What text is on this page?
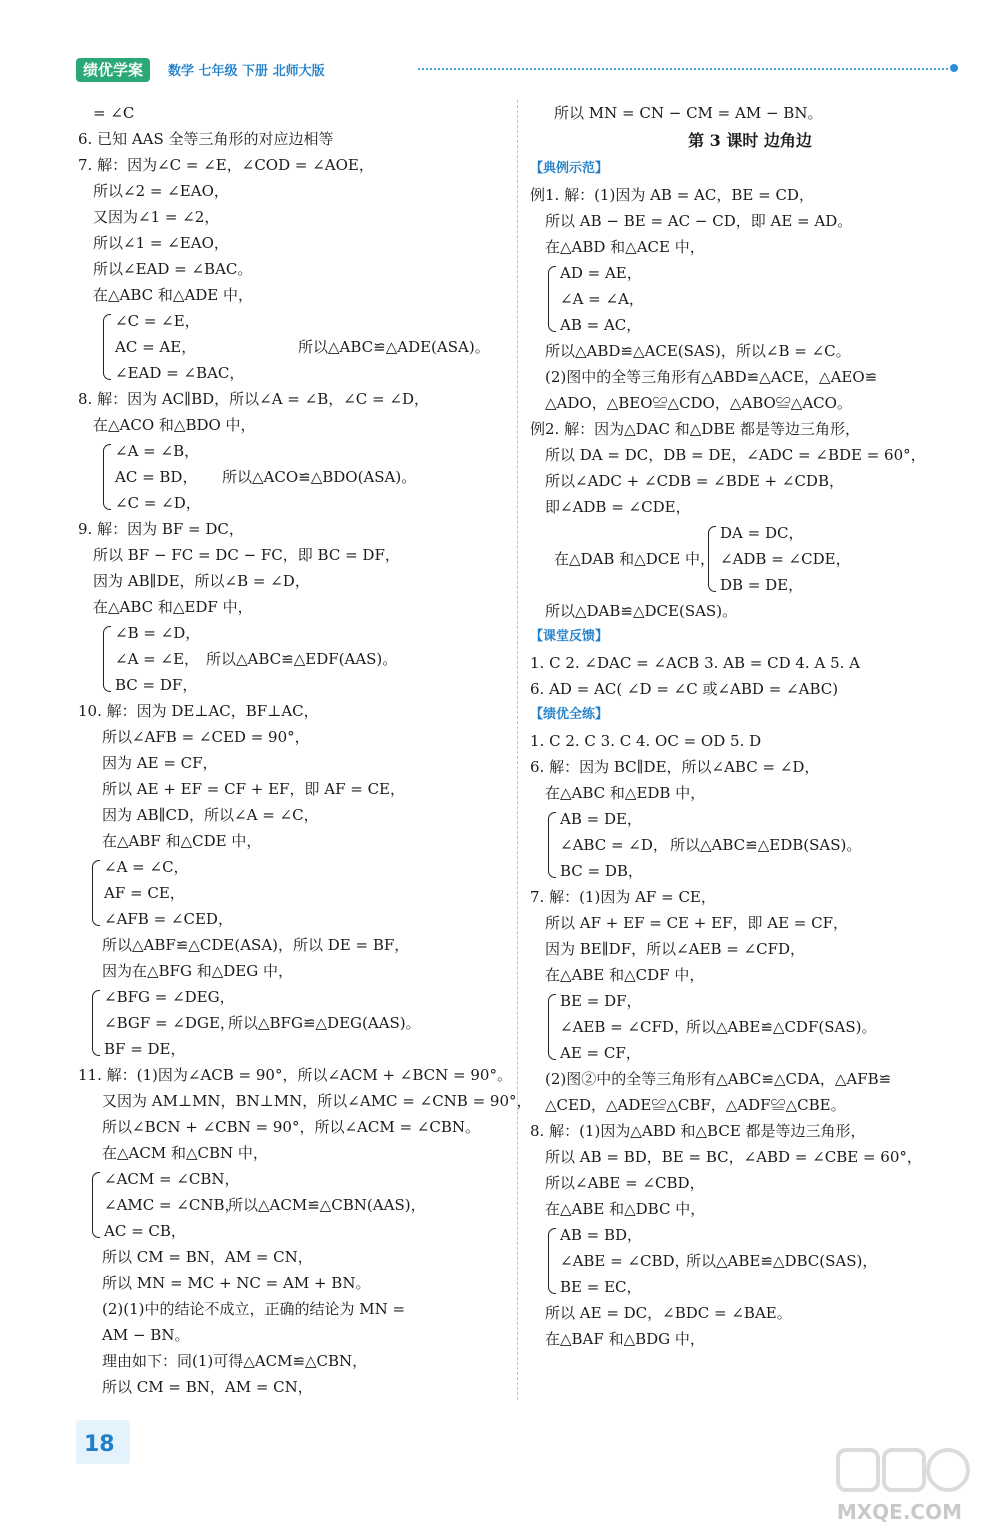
绩优学案	数学 七年级 下册 北师大版
= ∠C
6. 已知 AAS 全等三角形的对应边相等
7. 解：因为∠C = ∠E，∠COD = ∠AOE，
所以∠2 = ∠EAO，
又因为∠1 = ∠2，
所以∠1 = ∠EAO，
所以∠EAD = ∠BAC。
在△ABC 和△ADE 中，
∠C = ∠E，
AC = AE，
∠EAD = ∠BAC，
所以△ABC≌△ADE(ASA)。
8. 解：因为 AC∥BD，所以∠A = ∠B，∠C = ∠D，
在△ACO 和△BDO 中，
∠A = ∠B，
AC = BD，
∠C = ∠D，
所以△ACO≌△BDO(ASA)。
9. 解：因为 BF = DC，
所以 BF − FC = DC − FC，即 BC = DF，
因为 AB∥DE，所以∠B = ∠D，
在△ABC 和△EDF 中，
∠B = ∠D，
∠A = ∠E，
BC = DF，
所以△ABC≌△EDF(AAS)。
10. 解：因为 DE⊥AC，BF⊥AC，
所以∠AFB = ∠CED = 90°，
因为 AE = CF，
所以 AE + EF = CF + EF，即 AF = CE，
因为 AB∥CD，所以∠A = ∠C，
在△ABF 和△CDE 中，
∠A = ∠C，
AF = CE，
∠AFB = ∠CED，
所以△ABF≌△CDE(ASA)，所以 DE = BF，
因为在△BFG 和△DEG 中，
∠BFG = ∠DEG，
∠BGF = ∠DGE，
BF = DE，
所以△BFG≌△DEG(AAS)。
11. 解：(1)因为∠ACB = 90°，所以∠ACM + ∠BCN = 90°。
又因为 AM⊥MN，BN⊥MN，所以∠AMC = ∠CNB = 90°，
所以∠BCN + ∠CBN = 90°，所以∠ACM = ∠CBN。
在△ACM 和△CBN 中，
∠ACM = ∠CBN，
∠AMC = ∠CNB，
AC = CB，
所以△ACM≌△CBN(AAS)，
所以 CM = BN，AM = CN，
所以 MN = MC + NC = AM + BN。
(2)(1)中的结论不成立，正确的结论为 MN =
AM − BN。
理由如下：同(1)可得△ACM≌△CBN，
所以 CM = BN，AM = CN，
所以 MN = CN − CM = AM − BN。
第 3 课时 边角边
【典例示范】
例1. 解：(1)因为 AB = AC，BE = CD，
所以 AB − BE = AC − CD，即 AE = AD。
在△ABD 和△ACE 中，
AD = AE，
∠A = ∠A，
AB = AC，
所以△ABD≌△ACE(SAS)，所以∠B = ∠C。
(2)图中的全等三角形有△ABD≌△ACE，△AEO≌
△ADO，△BEO≌△CDO，△ABO≌△ACO。
例2. 解：因为△DAC 和△DBE 都是等边三角形，
所以 DA = DC，DB = DE，∠ADC = ∠BDE = 60°，
所以∠ADC + ∠CDB = ∠BDE + ∠CDB，
即∠ADB = ∠CDE，
在△DAB 和△DCE 中，
DA = DC，
∠ADB = ∠CDE，
DB = DE，
所以△DAB≌△DCE(SAS)。
【课堂反馈】
1. C 2. ∠DAC = ∠ACB 3. AB = CD 4. A 5. A
6. AD = AC( ∠D = ∠C 或∠ABD = ∠ABC)
【绩优全练】
1. C 2. C 3. C 4. OC = OD 5. D
6. 解：因为 BC∥DE，所以∠ABC = ∠D，
在△ABC 和△EDB 中，
AB = DE，
∠ABC = ∠D，
BC = DB，
所以△ABC≌△EDB(SAS)。
7. 解：(1)因为 AF = CE，
所以 AF + EF = CE + EF，即 AE = CF，
因为 BE∥DF，所以∠AEB = ∠CFD，
在△ABE 和△CDF 中，
BE = DF，
∠AEB = ∠CFD，
AE = CF，
所以△ABE≌△CDF(SAS)。
(2)图②中的全等三角形有△ABC≌△CDA，△AFB≌
△CED，△ADE≌△CBF，△ADF≌△CBE。
8. 解：(1)因为△ABD 和△BCE 都是等边三角形，
所以 AB = BD，BE = BC，∠ABD = ∠CBE = 60°，
所以∠ABE = ∠CBD，
在△ABE 和△DBC 中，
AB = BD，
∠ABE = ∠CBD，
BE = EC，
所以△ABE≌△DBC(SAS)，
所以 AE = DC，∠BDC = ∠BAE。
在△BAF 和△BDG 中，
18
MXQE.COM
